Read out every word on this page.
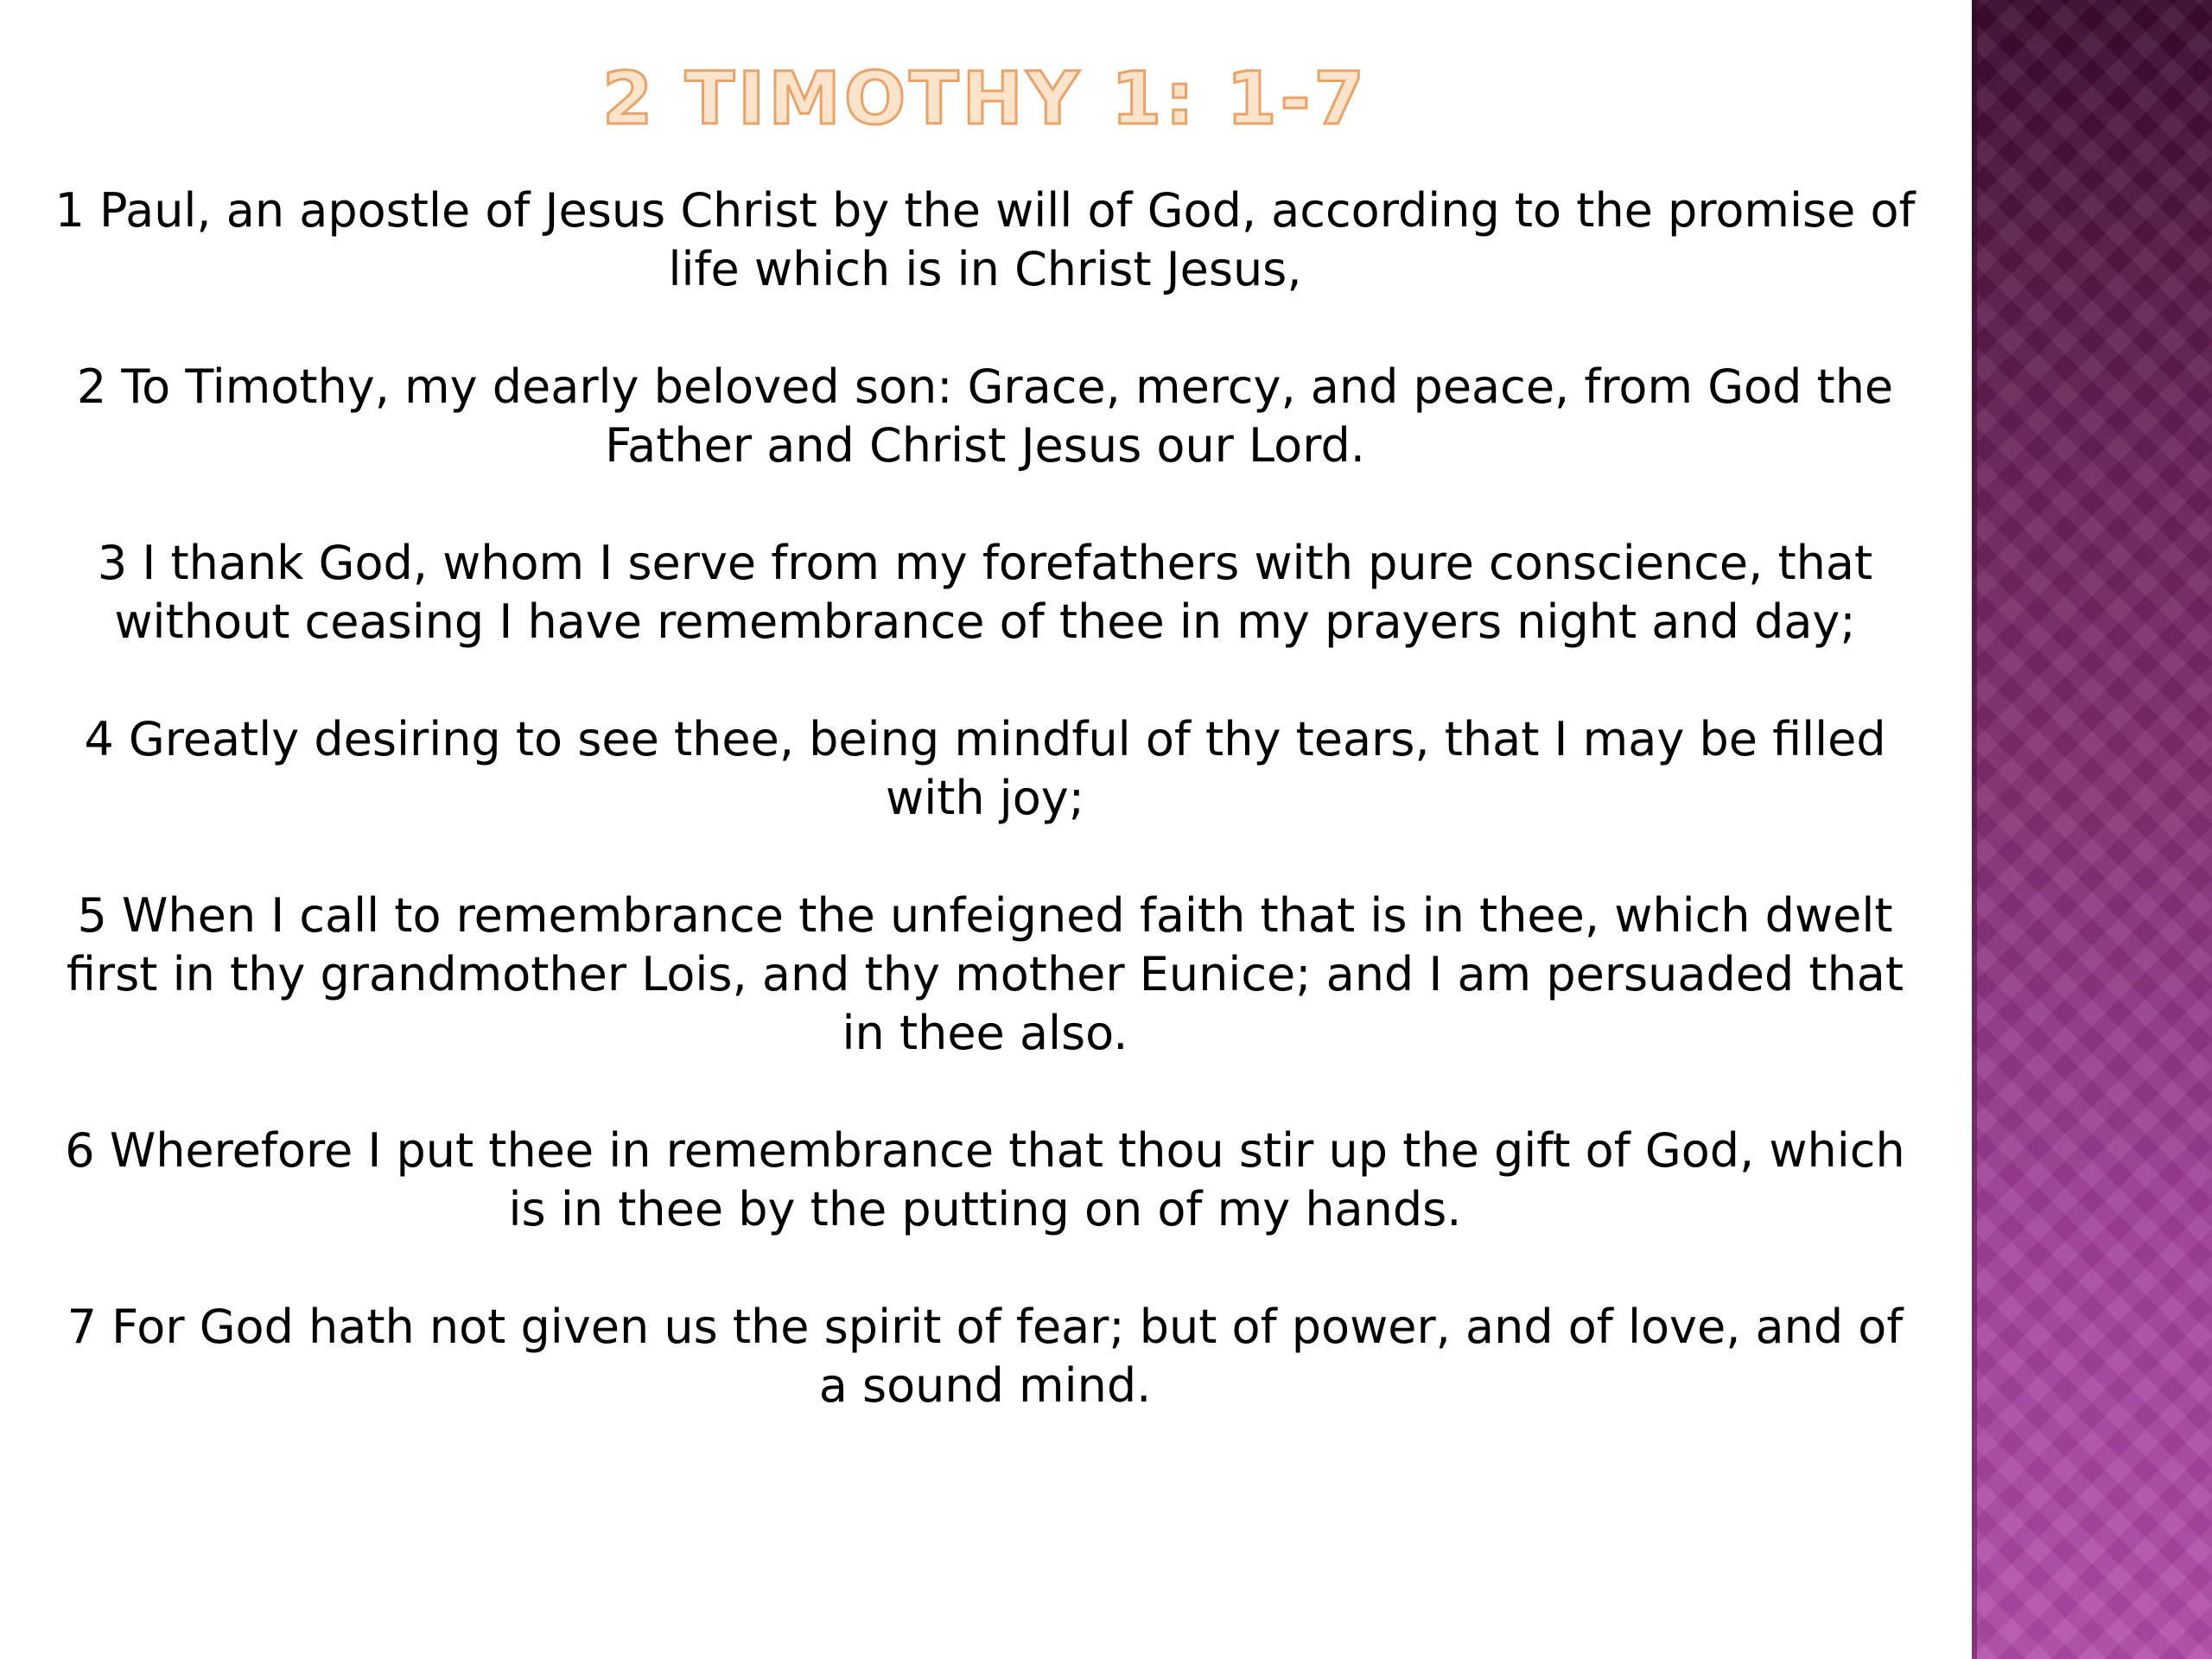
2 TIMOTHY 1: 1-7
1 Paul, an apostle of Jesus Christ by the will of God, according to the promise of life which is in Christ Jesus,
2 To Timothy, my dearly beloved son: Grace, mercy, and peace, from God the Father and Christ Jesus our Lord.
3 I thank God, whom I serve from my forefathers with pure conscience, that without ceasing I have remembrance of thee in my prayers night and day;
4 Greatly desiring to see thee, being mindful of thy tears, that I may be filled with joy;
5 When I call to remembrance the unfeigned faith that is in thee, which dwelt first in thy grandmother Lois, and thy mother Eunice; and I am persuaded that in thee also.
6 Wherefore I put thee in remembrance that thou stir up the gift of God, which is in thee by the putting on of my hands.
7 For God hath not given us the spirit of fear; but of power, and of love, and of a sound mind.
